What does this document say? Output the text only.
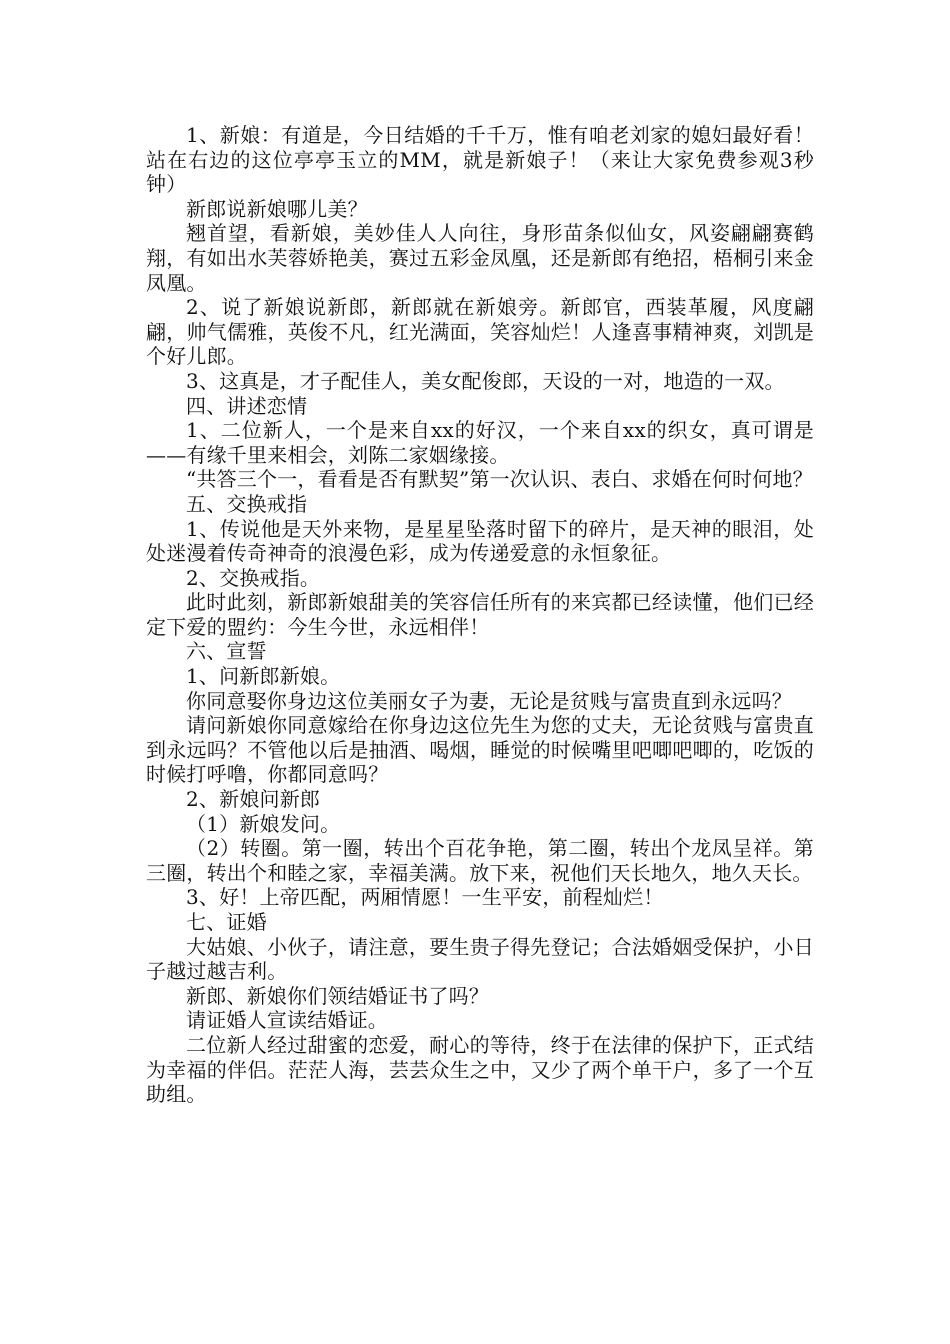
1、新娘：有道是，今日结婚的千千万，惟有咱老刘家的媳妇最好看！站在右边的这位亭亭玉立的MM，就是新娘子！（来让大家免费参观3秒钟）

新郎说新娘哪儿美？

翘首望，看新娘，美妙佳人人向往，身形苗条似仙女，风姿翩翩赛鹤翔，有如出水芙蓉娇艳美，赛过五彩金凤凰，还是新郎有绝招，梧桐引来金凤凰。

2、说了新娘说新郎，新郎就在新娘旁。新郎官，西装革履，风度翩翩，帅气儒雅，英俊不凡，红光满面，笑容灿烂！人逢喜事精神爽，刘凯是个好儿郎。

3、这真是，才子配佳人，美女配俊郎，天设的一对，地造的一双。

四、讲述恋情

1、二位新人，一个是来自xx的好汉，一个来自xx的织女，真可谓是——有缘千里来相会，刘陈二家姻缘接。

“共答三个一，看看是否有默契”第一次认识、表白、求婚在何时何地？

五、交换戒指

1、传说他是天外来物，是星星坠落时留下的碎片，是天神的眼泪，处处迷漫着传奇神奇的浪漫色彩，成为传递爱意的永恒象征。

2、交换戒指。

此时此刻，新郎新娘甜美的笑容信任所有的来宾都已经读懂，他们已经定下爱的盟约：今生今世，永远相伴！

六、宣誓

1、问新郎新娘。

你同意娶你身边这位美丽女子为妻，无论是贫贱与富贵直到永远吗？

请问新娘你同意嫁给在你身边这位先生为您的丈夫，无论贫贱与富贵直到永远吗？不管他以后是抽酒、喝烟，睡觉的时候嘴里吧唧吧唧的，吃饭的时候打呼噜，你都同意吗？

2、新娘问新郎

（1）新娘发问。

（2）转圈。第一圈，转出个百花争艳，第二圈，转出个龙凤呈祥。第三圈，转出个和睦之家，幸福美满。放下来，祝他们天长地久，地久天长。

3、好！上帝匹配，两厢情愿！一生平安，前程灿烂！

七、证婚

大姑娘、小伙子，请注意，要生贵子得先登记；合法婚姻受保护，小日子越过越吉利。

新郎、新娘你们领结婚证书了吗？

请证婚人宣读结婚证。

二位新人经过甜蜜的恋爱，耐心的等待，终于在法律的保护下，正式结为幸福的伴侣。茫茫人海，芸芸众生之中，又少了两个单干户，多了一个互助组。
